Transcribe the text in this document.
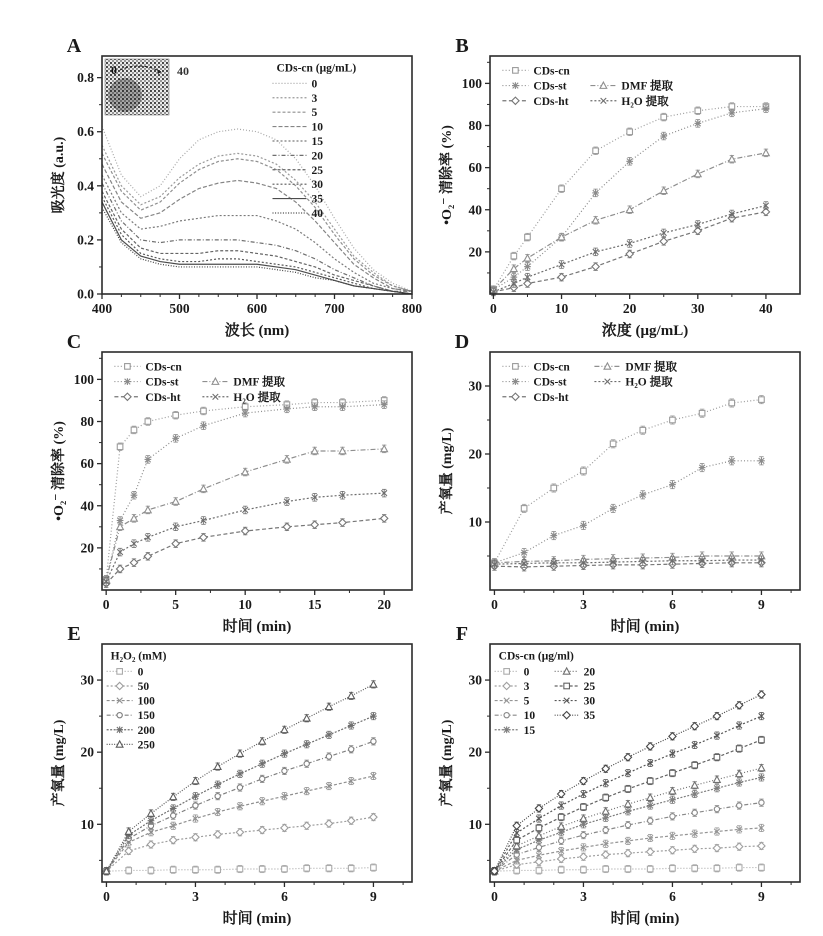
A
0	40
400	500	600	700	800
0.0
0.2
0.4
0.6
0.8
波长 (nm)
吸光度 (a.u.)
CDs-cn (μg/mL)
0
3
5
10
15
20
25
30
35
40
B
0	10	20	30	40
20
40
60
80
100
浓度 (μg/mL)
•O₂⁻ 清除率 (%)
CDs-cn
CDs-st
CDs-ht
DMF 提取
H₂O 提取
C
0	5	10	15	20
20
40
60
80
100
时间 (min)
•O₂⁻ 清除率 (%)
CDs-cn
CDs-st
CDs-ht
DMF 提取
H₂O 提取
D
0	3	6	9
10
20
30
时间 (min)
产氧量 (mg/L)
CDs-cn
CDs-st
CDs-ht
DMF 提取
H₂O 提取
E
0	3	6	9
10
20
30
时间 (min)
产氧量 (mg/L)
H₂O₂ (mM)
0
50
100
150
200
250
F
0	3	6	9
10
20
30
时间 (min)
产氧量 (mg/L)
CDs-cn (μg/ml)
0
3
5
10
15
20
25
30
35
